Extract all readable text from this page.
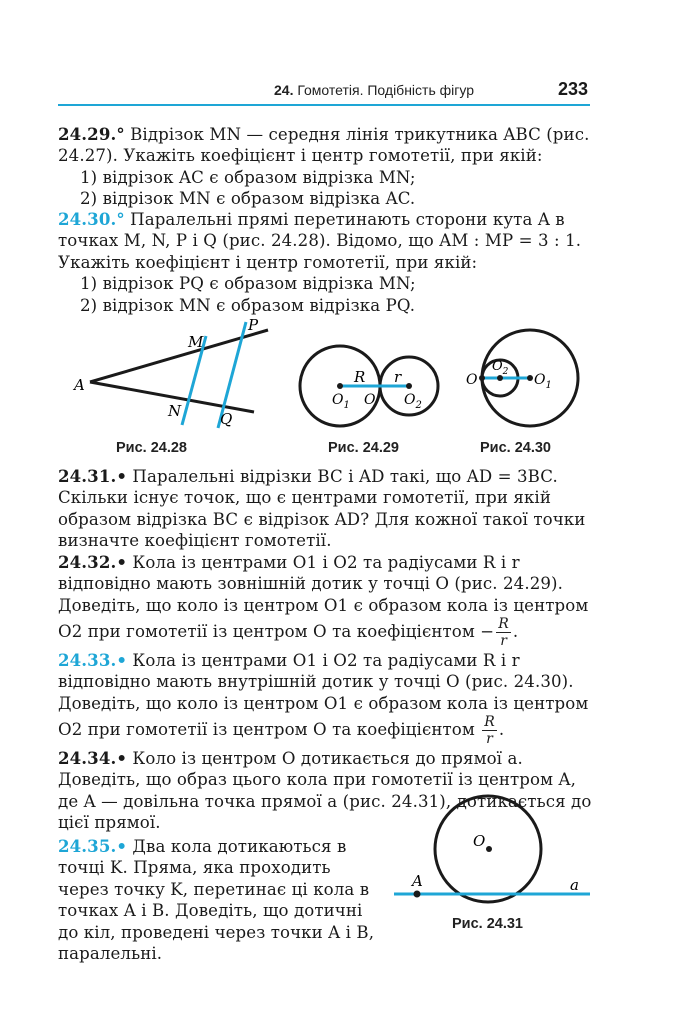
24. Гомотетія. Подібність фігур	233
24.29.° Відрізок MN — середня лінія трикутника ABC (рис. 24.27). Укажіть коефіцієнт і центр гомотетії, при якій:
1) відрізок AC є образом відрізка MN;
2) відрізок MN є образом відрізка AC.
24.30.° Паралельні прямі перетинають сторони кута A в точках M, N, P і Q (рис. 24.28). Відомо, що AM : MP = 3 : 1. Укажіть коефіцієнт і центр гомотетії, при якій:
1) відрізок PQ є образом відрізка MN;
2) відрізок MN є образом відрізка PQ.
A
M
N
P
Q
R r
$O_1$ O $O_2$
O
$O_2$ $O_1$
Рис. 24.28	Рис. 24.29	Рис. 24.30
24.31.• Паралельні відрізки BC і AD такі, що AD = 3BC. Скільки існує точок, що є центрами гомотетії, при якій образом відрізка BC є відрізок AD? Для кожної такої точки визначте коефіцієнт гомотетії.
24.32.• Кола із центрами O1 і O2 та радіусами R і r відповідно мають зовнішній дотик у точці O (рис. 24.29). Доведіть, що коло із центром O1 є образом кола із центром O2 при гомотетії із центром O та коефіцієнтом − $\frac{R}{r}$ .
24.33.• Кола із центрами O1 і O2 та радіусами R і r відповідно мають внутрішній дотик у точці O (рис. 24.30). Доведіть, що коло із центром O1 є образом кола із центром O2 при гомотетії із центром O та коефіцієнтом $\frac{R}{r}$ .
24.34.• Коло із центром O дотикається до прямої a. Доведіть, що образ цього кола при гомотетії із центром A, де A — довільна точка прямої a (рис. 24.31), дотикається до цієї прямої.
24.35.• Два кола дотикаються в точці K. Пряма, яка проходить через точку K, перетинає ці кола в точках A і B. Доведіть, що дотичні до кіл, проведені через точки A і B, паралельні.
O
A	a
Рис. 24.31
